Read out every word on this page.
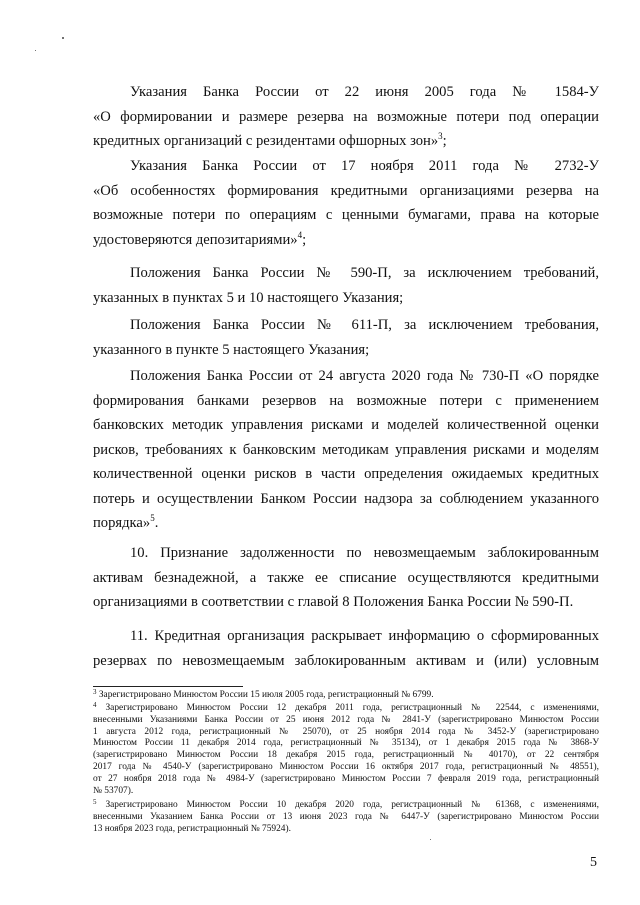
Указания Банка России от 22 июня 2005 года № 1584-У
«О формировании и размере резерва на возможные потери под операции
кредитных организаций с резидентами офшорных зон»$^3$;

Указания Банка России от 17 ноября 2011 года № 2732-У
«Об особенностях формирования кредитными организациями резерва на
возможные потери по операциям с ценными бумагами, права на которые
удостоверяются депозитариями»$^4$;

Положения Банка России № 590-П, за исключением требований,
указанных в пунктах 5 и 10 настоящего Указания;

Положения Банка России № 611-П, за исключением требования,
указанного в пункте 5 настоящего Указания;

Положения Банка России от 24 августа 2020 года № 730-П «О порядке
формирования банками резервов на возможные потери с применением
банковских методик управления рисками и моделей количественной оценки
рисков, требованиях к банковским методикам управления рисками и моделям
количественной оценки рисков в части определения ожидаемых кредитных
потерь и осуществлении Банком России надзора за соблюдением указанного
порядка»$^5$.

10. Признание задолженности по невозмещаемым заблокированным
активам безнадежной, а также ее списание осуществляются кредитными
организациями в соответствии с главой 8 Положения Банка России № 590-П.

11. Кредитная организация раскрывает информацию о сформированных
резервах по невозмещаемым заблокированным активам и (или) условным

$^3$ Зарегистрировано Минюстом России 15 июля 2005 года, регистрационный № 6799.
$^4$ Зарегистрировано Минюстом России 12 декабря 2011 года, регистрационный № 22544, с изменениями,
внесенными Указаниями Банка России от 25 июня 2012 года № 2841-У (зарегистрировано Минюстом России
1 августа 2012 года, регистрационный № 25070), от 25 ноября 2014 года № 3452-У (зарегистрировано
Минюстом России 11 декабря 2014 года, регистрационный № 35134), от 1 декабря 2015 года № 3868-У
(зарегистрировано Минюстом России 18 декабря 2015 года, регистрационный № 40170), от 22 сентября
2017 года № 4540-У (зарегистрировано Минюстом России 16 октября 2017 года, регистрационный № 48551),
от 27 ноября 2018 года № 4984-У (зарегистрировано Минюстом России 7 февраля 2019 года, регистрационный
№ 53707).
$^5$ Зарегистрировано Минюстом России 10 декабря 2020 года, регистрационный № 61368, с изменениями,
внесенными Указанием Банка России от 13 июня 2023 года № 6447-У (зарегистрировано Минюстом России
13 ноября 2023 года, регистрационный № 75924).
5
